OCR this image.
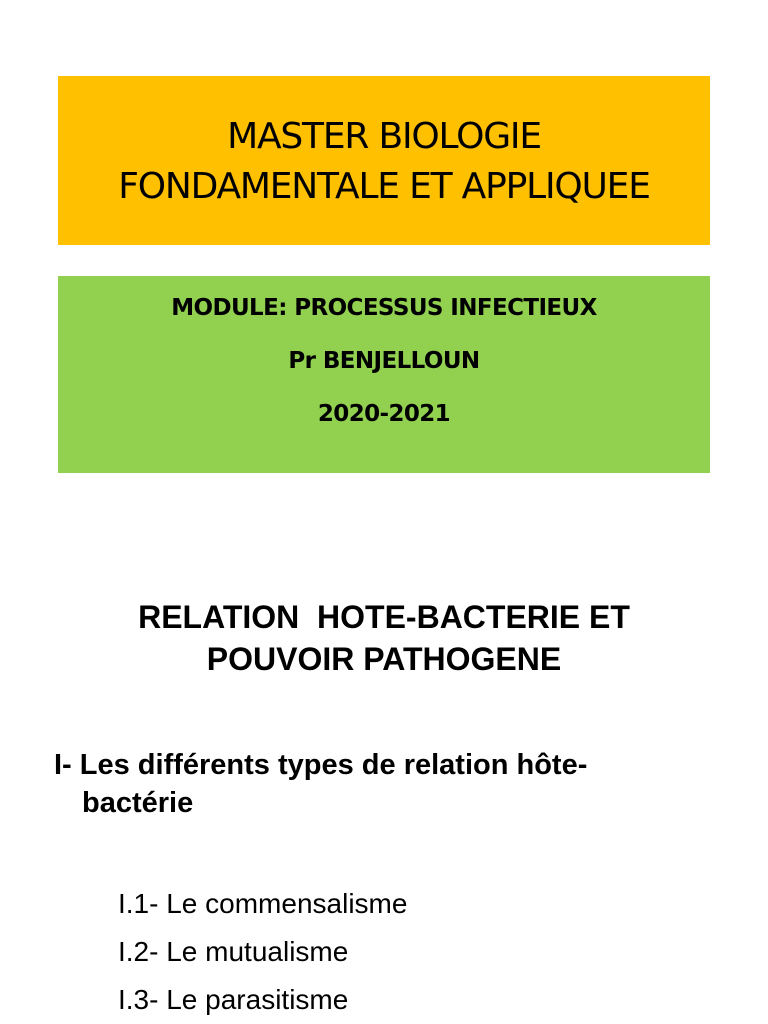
MASTER BIOLOGIE
FONDAMENTALE ET APPLIQUEE
MODULE: PROCESSUS INFECTIEUX
Pr BENJELLOUN
2020-2021
RELATION  HOTE-BACTERIE ET
POUVOIR PATHOGENE
I- Les différents types de relation hôte-
bactérie
I.1- Le commensalisme
I.2- Le mutualisme
I.3- Le parasitisme
